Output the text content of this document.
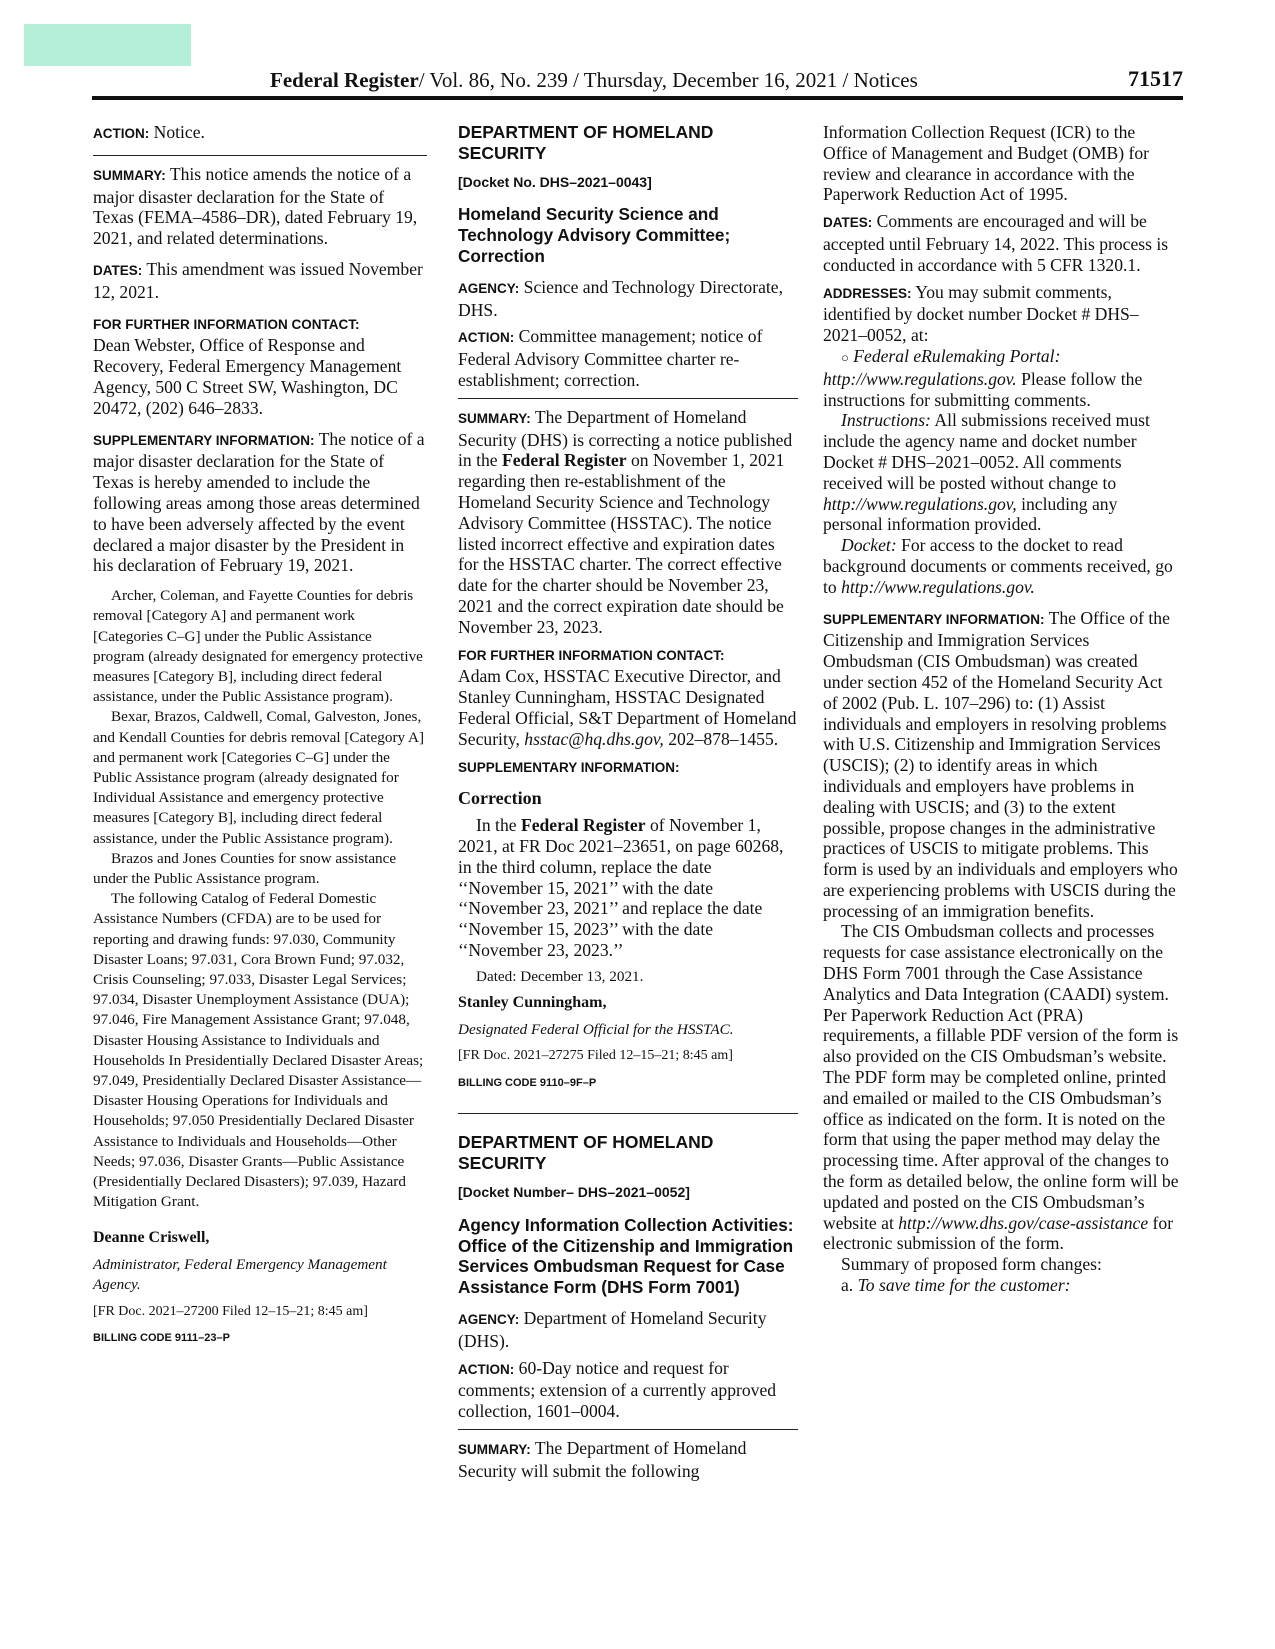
Federal Register/ Vol. 86, No. 239 / Thursday, December 16, 2021 / Notices	71517

ACTION: Notice.

SUMMARY: This notice amends the notice of a major disaster declaration for the State of Texas (FEMA–4586–DR), dated February 19, 2021, and related determinations.

DATES: This amendment was issued November 12, 2021.

FOR FURTHER INFORMATION CONTACT:

Dean Webster, Office of Response and Recovery, Federal Emergency Management Agency, 500 C Street SW, Washington, DC 20472, (202) 646–2833.

SUPPLEMENTARY INFORMATION: The notice of a major disaster declaration for the State of Texas is hereby amended to include the following areas among those areas determined to have been adversely affected by the event declared a major disaster by the President in his declaration of February 19, 2021.

Archer, Coleman, and Fayette Counties for debris removal [Category A] and permanent work [Categories C–G] under the Public Assistance program (already designated for emergency protective measures [Category B], including direct federal assistance, under the Public Assistance program).

Bexar, Brazos, Caldwell, Comal, Galveston, Jones, and Kendall Counties for debris removal [Category A] and permanent work [Categories C–G] under the Public Assistance program (already designated for Individual Assistance and emergency protective measures [Category B], including direct federal assistance, under the Public Assistance program).

Brazos and Jones Counties for snow assistance under the Public Assistance program.

The following Catalog of Federal Domestic Assistance Numbers (CFDA) are to be used for reporting and drawing funds: 97.030, Community Disaster Loans; 97.031, Cora Brown Fund; 97.032, Crisis Counseling; 97.033, Disaster Legal Services; 97.034, Disaster Unemployment Assistance (DUA); 97.046, Fire Management Assistance Grant; 97.048, Disaster Housing Assistance to Individuals and Households In Presidentially Declared Disaster Areas; 97.049, Presidentially Declared Disaster Assistance—Disaster Housing Operations for Individuals and Households; 97.050 Presidentially Declared Disaster Assistance to Individuals and Households—Other Needs; 97.036, Disaster Grants—Public Assistance (Presidentially Declared Disasters); 97.039, Hazard Mitigation Grant.

Deanne Criswell,

Administrator, Federal Emergency Management Agency.

[FR Doc. 2021–27200 Filed 12–15–21; 8:45 am]

BILLING CODE 9111–23–P

DEPARTMENT OF HOMELAND SECURITY

[Docket No. DHS–2021–0043]

Homeland Security Science and Technology Advisory Committee; Correction

AGENCY: Science and Technology Directorate, DHS.

ACTION: Committee management; notice of Federal Advisory Committee charter re-establishment; correction.

SUMMARY: The Department of Homeland Security (DHS) is correcting a notice published in the Federal Register on November 1, 2021 regarding then re-establishment of the Homeland Security Science and Technology Advisory Committee (HSSTAC). The notice listed incorrect effective and expiration dates for the HSSTAC charter. The correct effective date for the charter should be November 23, 2021 and the correct expiration date should be November 23, 2023.

FOR FURTHER INFORMATION CONTACT:

Adam Cox, HSSTAC Executive Director, and Stanley Cunningham, HSSTAC Designated Federal Official, S&T Department of Homeland Security, hsstac@hq.dhs.gov, 202–878–1455.

SUPPLEMENTARY INFORMATION:

Correction

In the Federal Register of November 1, 2021, at FR Doc 2021–23651, on page 60268, in the third column, replace the date ‘‘November 15, 2021’’ with the date ‘‘November 23, 2021’’ and replace the date ‘‘November 15, 2023’’ with the date ‘‘November 23, 2023.’’

Dated: December 13, 2021.

Stanley Cunningham,

Designated Federal Official for the HSSTAC.

[FR Doc. 2021–27275 Filed 12–15–21; 8:45 am]

BILLING CODE 9110–9F–P

DEPARTMENT OF HOMELAND SECURITY

[Docket Number– DHS–2021–0052]

Agency Information Collection Activities: Office of the Citizenship and Immigration Services Ombudsman Request for Case Assistance Form (DHS Form 7001)

AGENCY: Department of Homeland Security (DHS).

ACTION: 60-Day notice and request for comments; extension of a currently approved collection, 1601–0004.

SUMMARY: The Department of Homeland Security will submit the following

Information Collection Request (ICR) to the Office of Management and Budget (OMB) for review and clearance in accordance with the Paperwork Reduction Act of 1995.

DATES: Comments are encouraged and will be accepted until February 14, 2022. This process is conducted in accordance with 5 CFR 1320.1.

ADDRESSES: You may submit comments, identified by docket number Docket # DHS–2021–0052, at:

○ Federal eRulemaking Portal: http://www.regulations.gov. Please follow the instructions for submitting comments.

Instructions: All submissions received must include the agency name and docket number Docket # DHS–2021–0052. All comments received will be posted without change to http://www.regulations.gov, including any personal information provided.

Docket: For access to the docket to read background documents or comments received, go to http://www.regulations.gov.

SUPPLEMENTARY INFORMATION: The Office of the Citizenship and Immigration Services Ombudsman (CIS Ombudsman) was created under section 452 of the Homeland Security Act of 2002 (Pub. L. 107–296) to: (1) Assist individuals and employers in resolving problems with U.S. Citizenship and Immigration Services (USCIS); (2) to identify areas in which individuals and employers have problems in dealing with USCIS; and (3) to the extent possible, propose changes in the administrative practices of USCIS to mitigate problems. This form is used by an individuals and employers who are experiencing problems with USCIS during the processing of an immigration benefits.

The CIS Ombudsman collects and processes requests for case assistance electronically on the DHS Form 7001 through the Case Assistance Analytics and Data Integration (CAADI) system. Per Paperwork Reduction Act (PRA) requirements, a fillable PDF version of the form is also provided on the CIS Ombudsman’s website. The PDF form may be completed online, printed and emailed or mailed to the CIS Ombudsman’s office as indicated on the form. It is noted on the form that using the paper method may delay the processing time. After approval of the changes to the form as detailed below, the online form will be updated and posted on the CIS Ombudsman’s website at http://www.dhs.gov/case-assistance for electronic submission of the form.

Summary of proposed form changes:

a. To save time for the customer:
